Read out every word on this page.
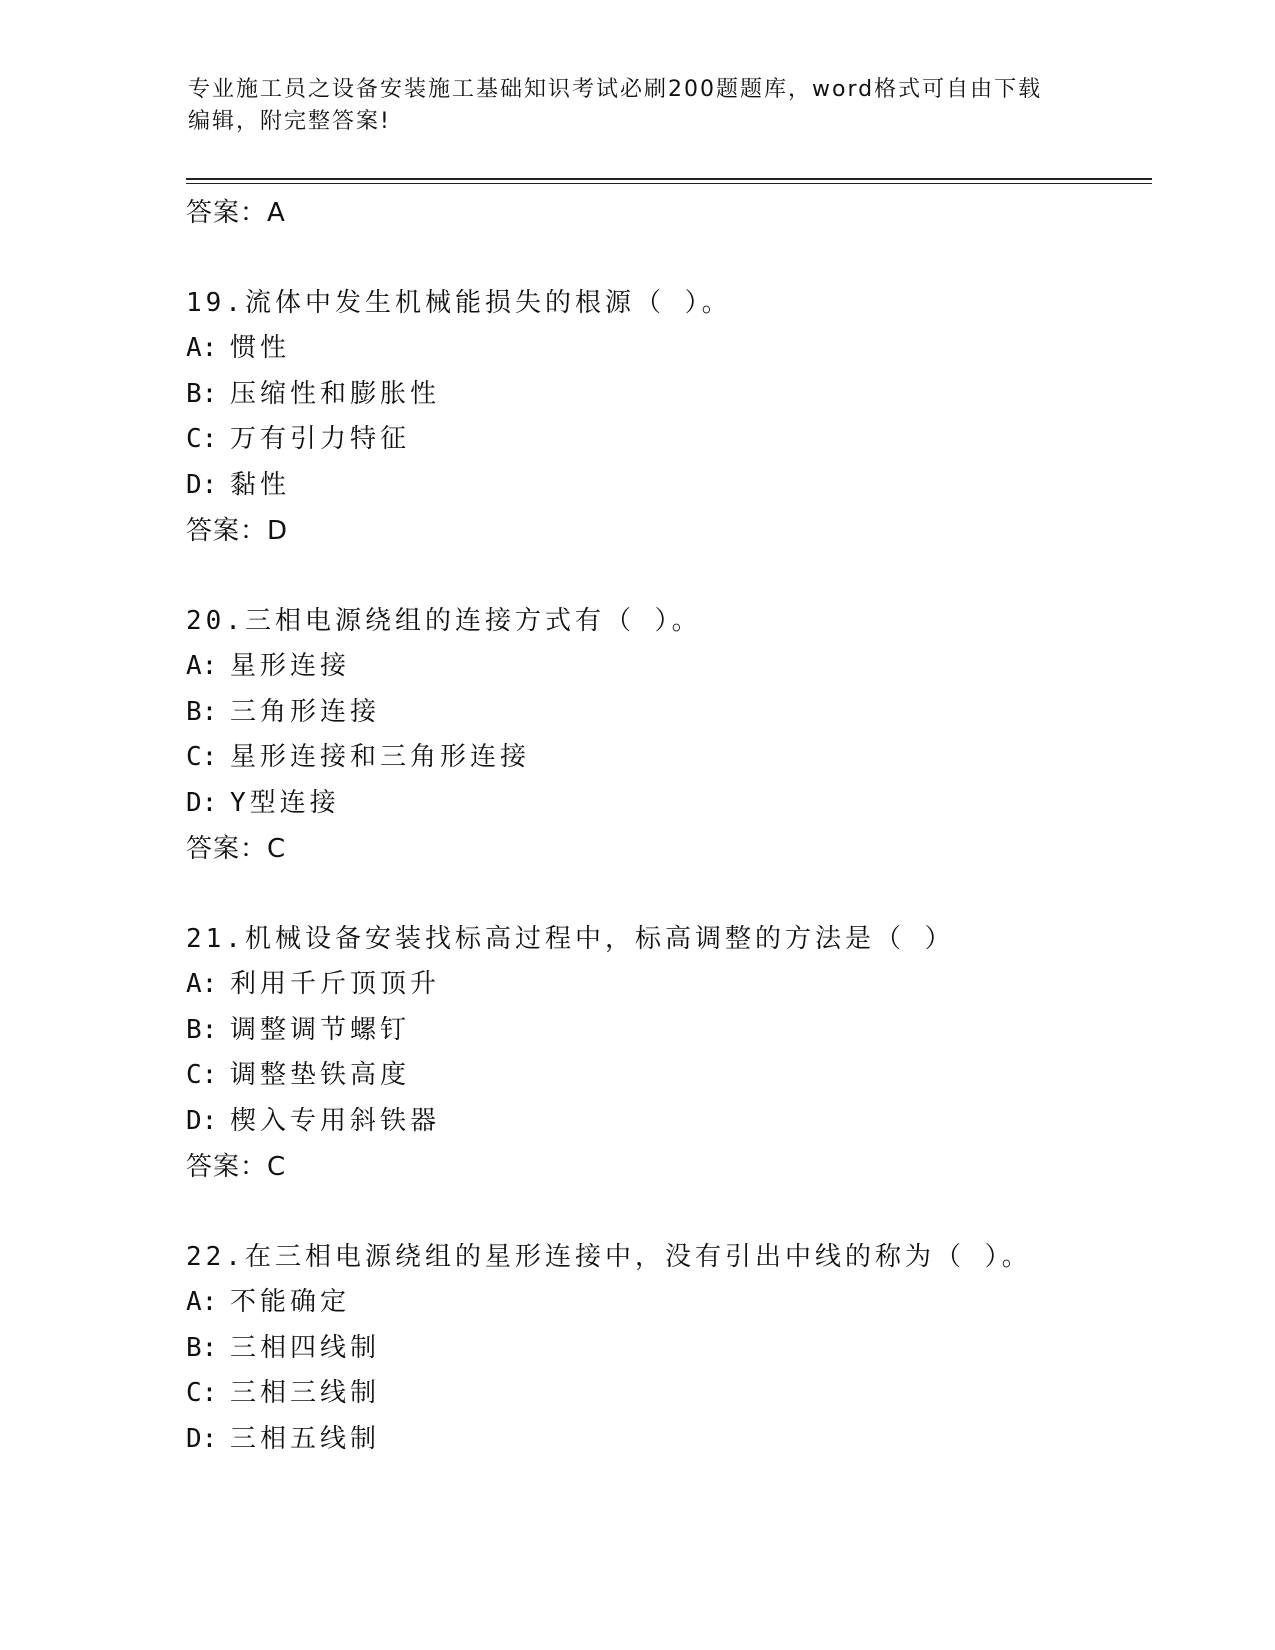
专业施工员之设备安装施工基础知识考试必刷200题题库，word格式可自由下载
编辑，附完整答案!
答案：A
19.流体中发生机械能损失的根源（ ）。
A: 惯性
B: 压缩性和膨胀性
C: 万有引力特征
D: 黏性
答案：D
20.三相电源绕组的连接方式有（ ）。
A: 星形连接
B: 三角形连接
C: 星形连接和三角形连接
D: Y型连接
答案：C
21.机械设备安装找标高过程中，标高调整的方法是（ ）
A: 利用千斤顶顶升
B: 调整调节螺钉
C: 调整垫铁高度
D: 楔入专用斜铁器
答案：C
22.在三相电源绕组的星形连接中，没有引出中线的称为（ ）。
A: 不能确定
B: 三相四线制
C: 三相三线制
D: 三相五线制
